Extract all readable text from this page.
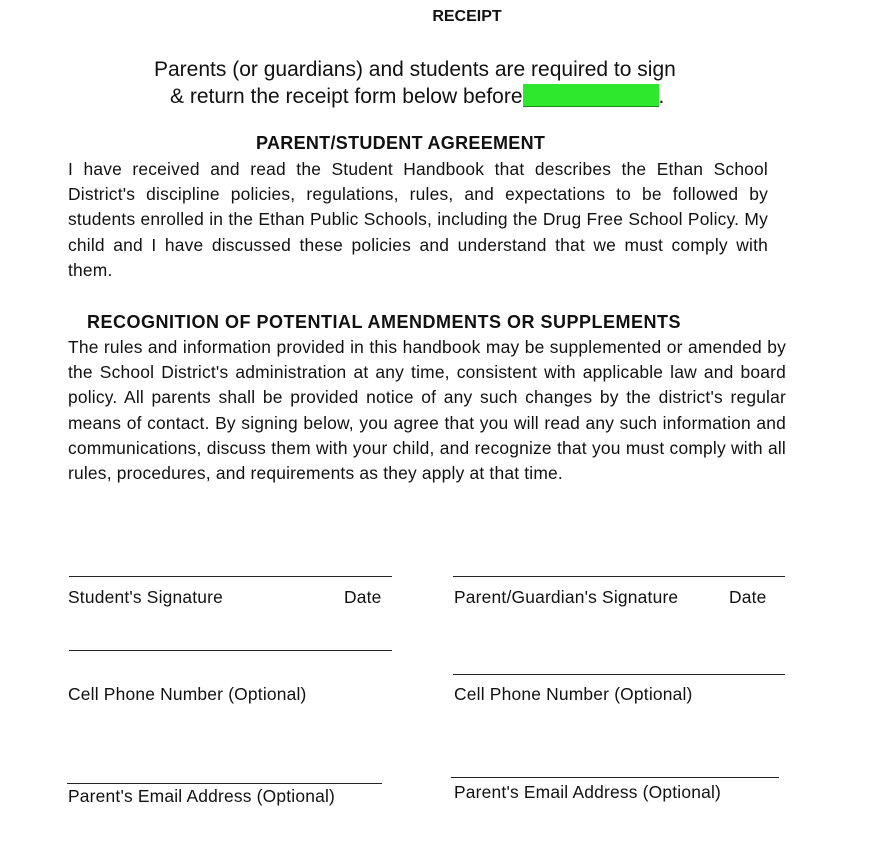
RECEIPT
Parents (or guardians) and students are required to sign
& return the receipt form below before	.
PARENT/STUDENT AGREEMENT
I have received and read the Student Handbook that describes the Ethan School District's discipline policies, regulations, rules, and expectations to be followed by students enrolled in the Ethan Public Schools, including the Drug Free School Policy. My child and I have discussed these policies and understand that we must comply with them.
RECOGNITION OF POTENTIAL AMENDMENTS OR SUPPLEMENTS
The rules and information provided in this handbook may be supplemented or amended by the School District's administration at any time, consistent with applicable law and board policy. All parents shall be provided notice of any such changes by the district's regular means of contact. By signing below, you agree that you will read any such information and communications, discuss them with your child, and recognize that you must comply with all rules, procedures, and requirements as they apply at that time.
Student's Signature	Date	Parent/Guardian's Signature	Date
Cell Phone Number (Optional)	Cell Phone Number (Optional)
Parent's Email Address (Optional)	Parent's Email Address (Optional)
